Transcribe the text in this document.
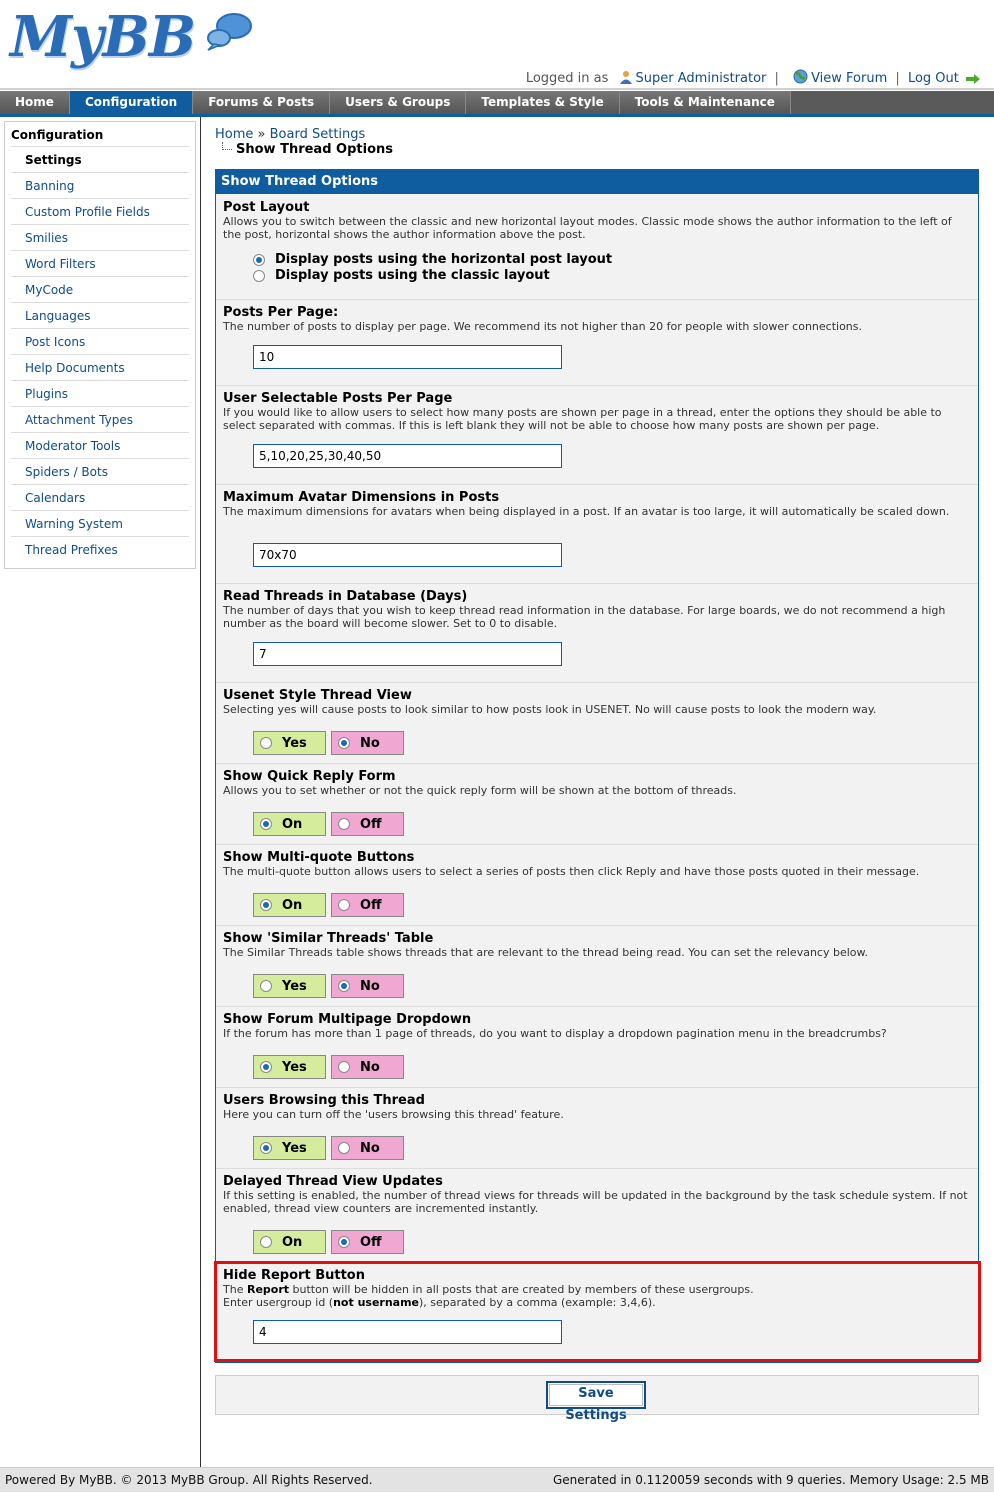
MyBB
Logged in as Super Administrator | View Forum | Log Out
Home	Configuration	Forums & Posts	Users & Groups	Templates & Style	Tools & Maintenance
Configuration
Settings
Banning
Custom Profile Fields
Smilies
Word Filters
MyCode
Languages
Post Icons
Help Documents
Plugins
Attachment Types
Moderator Tools
Spiders / Bots
Calendars
Warning System
Thread Prefixes
Home » Board Settings
Show Thread Options
Show Thread Options
Post Layout
Allows you to switch between the classic and new horizontal layout modes. Classic mode shows the author information to the left of the post, horizontal shows the author information above the post.
Display posts using the horizontal post layout
Display posts using the classic layout
Posts Per Page:
The number of posts to display per page. We recommend its not higher than 20 for people with slower connections.
10
User Selectable Posts Per Page
If you would like to allow users to select how many posts are shown per page in a thread, enter the options they should be able to select separated with commas. If this is left blank they will not be able to choose how many posts are shown per page.
5,10,20,25,30,40,50
Maximum Avatar Dimensions in Posts
The maximum dimensions for avatars when being displayed in a post. If an avatar is too large, it will automatically be scaled down.
70x70
Read Threads in Database (Days)
The number of days that you wish to keep thread read information in the database. For large boards, we do not recommend a high number as the board will become slower. Set to 0 to disable.
7
Usenet Style Thread View
Selecting yes will cause posts to look similar to how posts look in USENET. No will cause posts to look the modern way.
Yes	No
Show Quick Reply Form
Allows you to set whether or not the quick reply form will be shown at the bottom of threads.
On	Off
Show Multi-quote Buttons
The multi-quote button allows users to select a series of posts then click Reply and have those posts quoted in their message.
On	Off
Show 'Similar Threads' Table
The Similar Threads table shows threads that are relevant to the thread being read. You can set the relevancy below.
Yes	No
Show Forum Multipage Dropdown
If the forum has more than 1 page of threads, do you want to display a dropdown pagination menu in the breadcrumbs?
Yes	No
Users Browsing this Thread
Here you can turn off the 'users browsing this thread' feature.
Yes	No
Delayed Thread View Updates
If this setting is enabled, the number of thread views for threads will be updated in the background by the task schedule system. If not enabled, thread view counters are incremented instantly.
On	Off
Hide Report Button
The Report button will be hidden in all posts that are created by members of these usergroups.
Enter usergroup id (not username), separated by a comma (example: 3,4,6).
4
Save Settings
Powered By MyBB. © 2013 MyBB Group. All Rights Reserved.	Generated in 0.1120059 seconds with 9 queries. Memory Usage: 2.5 MB
